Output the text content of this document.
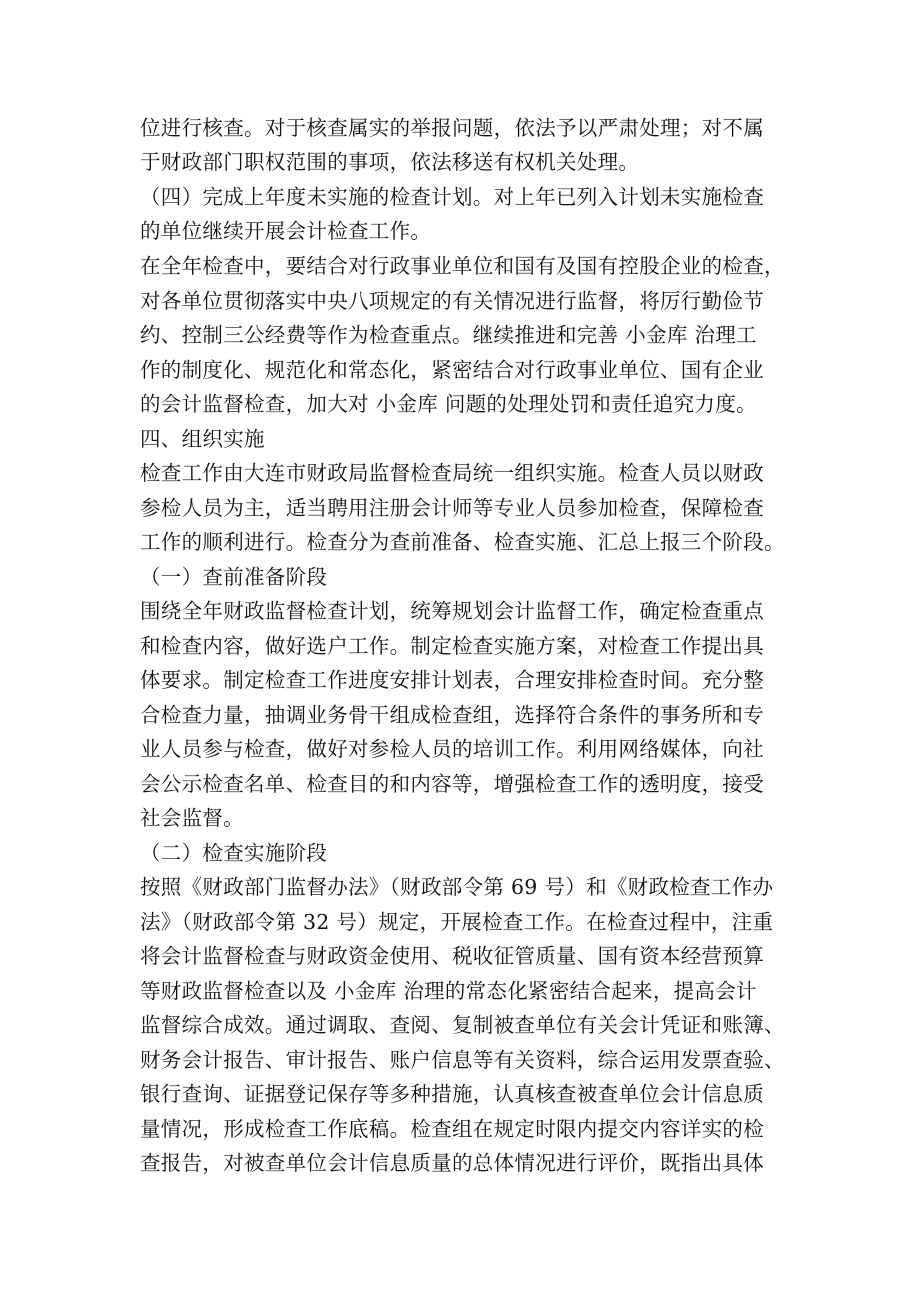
位进行核查。对于核查属实的举报问题，依法予以严肃处理；对不属
于财政部门职权范围的事项，依法移送有权机关处理。
（四）完成上年度未实施的检查计划。对上年已列入计划未实施检查
的单位继续开展会计检查工作。
在全年检查中，要结合对行政事业单位和国有及国有控股企业的检查，
对各单位贯彻落实中央八项规定的有关情况进行监督，将厉行勤俭节
约、控制三公经费等作为检查重点。继续推进和完善 小金库 治理工
作的制度化、规范化和常态化，紧密结合对行政事业单位、国有企业
的会计监督检查，加大对 小金库 问题的处理处罚和责任追究力度。
四、组织实施
检查工作由大连市财政局监督检查局统一组织实施。检查人员以财政
参检人员为主，适当聘用注册会计师等专业人员参加检查，保障检查
工作的顺利进行。检查分为查前准备、检查实施、汇总上报三个阶段。
（一）查前准备阶段
围绕全年财政监督检查计划，统筹规划会计监督工作，确定检查重点
和检查内容，做好选户工作。制定检查实施方案，对检查工作提出具
体要求。制定检查工作进度安排计划表，合理安排检查时间。充分整
合检查力量，抽调业务骨干组成检查组，选择符合条件的事务所和专
业人员参与检查，做好对参检人员的培训工作。利用网络媒体，向社
会公示检查名单、检查目的和内容等，增强检查工作的透明度，接受
社会监督。
（二）检查实施阶段
按照《财政部门监督办法》（财政部令第 69 号）和《财政检查工作办
法》（财政部令第 32 号）规定，开展检查工作。在检查过程中，注重
将会计监督检查与财政资金使用、税收征管质量、国有资本经营预算
等财政监督检查以及 小金库 治理的常态化紧密结合起来，提高会计
监督综合成效。通过调取、查阅、复制被查单位有关会计凭证和账簿、
财务会计报告、审计报告、账户信息等有关资料，综合运用发票查验、
银行查询、证据登记保存等多种措施，认真核查被查单位会计信息质
量情况，形成检查工作底稿。检查组在规定时限内提交内容详实的检
查报告，对被查单位会计信息质量的总体情况进行评价，既指出具体
